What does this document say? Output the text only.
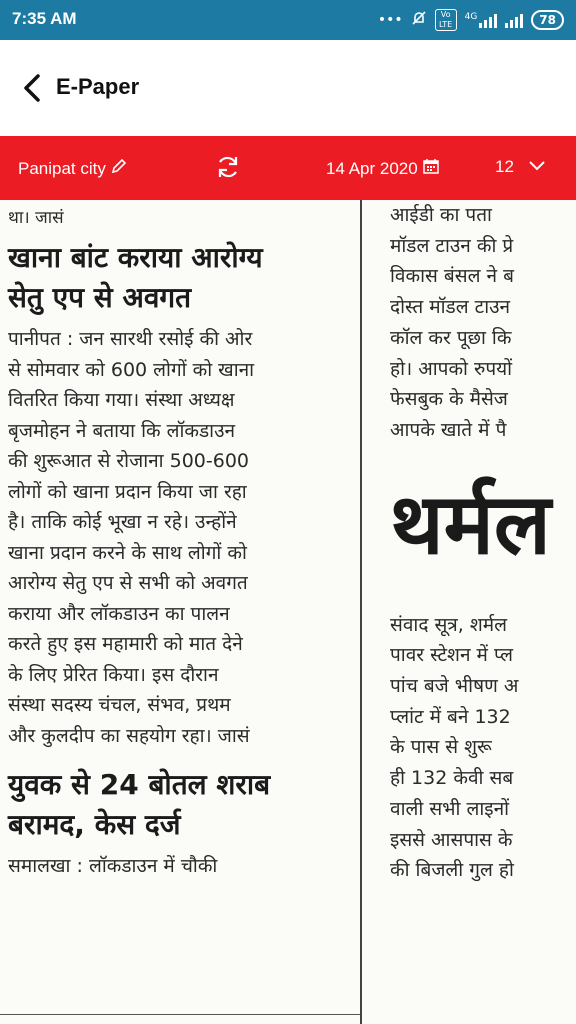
7:35 AM	•••	Vo LTE
4G	78
E-Paper
Panipat city	14 Apr 2020	12
था। जासं
खाना बांट कराया आरोग्य
सेतु एप से अवगत

पानीपत : जन सारथी रसोई की ओर

से सोमवार को 600 लोगों को खाना

वितरित किया गया। संस्था अध्यक्ष

बृजमोहन ने बताया कि लॉकडाउन

की शुरूआत से रोजाना 500-600

लोगों को खाना प्रदान किया जा रहा

है। ताकि कोई भूखा न रहे। उन्होंने

खाना प्रदान करने के साथ लोगों को

आरोग्य सेतु एप से सभी को अवगत

कराया और लॉकडाउन का पालन

करते हुए इस महामारी को मात देने

के लिए प्रेरित किया। इस दौरान

संस्था सदस्य चंचल, संभव, प्रथम

और कुलदीप का सहयोग रहा। जासं

युवक से 24 बोतल शराब
बरामद, केस दर्ज

समालखा : लॉकडाउन में चौकी

आईडी का पता

मॉडल टाउन की प्रे

विकास बंसल ने ब

दोस्त मॉडल टाउन

कॉल कर पूछा कि

हो। आपको रुपयों

फेसबुक के मैसेज

आपके खाते में पै

थर्मल

संवाद सूत्र, शर्मल

पावर स्टेशन में प्ल

पांच बजे भीषण अ

प्लांट में बने 132

के पास से शुरू

ही 132 केवी सब

वाली सभी लाइनों

इससे आसपास के

की बिजली गुल हो
